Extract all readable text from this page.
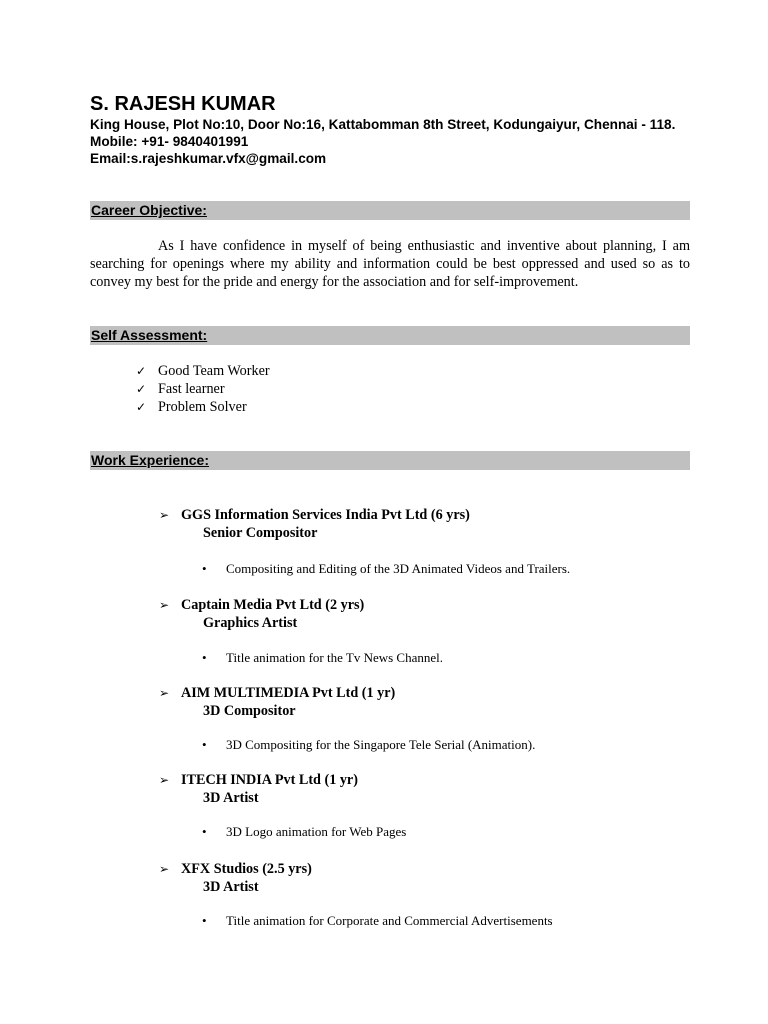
S. RAJESH KUMAR
King House, Plot No:10, Door No:16, Kattabomman 8th Street, Kodungaiyur, Chennai - 118.
Mobile: +91- 9840401991
Email:s.rajeshkumar.vfx@gmail.com
Career Objective:
As I have confidence in myself of being enthusiastic and inventive about planning, I am searching for openings where my ability and information could be best oppressed and used so as to convey my best for the pride and energy for the association and for self-improvement.
Self Assessment:
✓ Good Team Worker
✓ Fast learner
✓ Problem Solver
Work Experience:
➢ GGS Information Services India Pvt Ltd (6 yrs)
Senior Compositor
•	Compositing and Editing of the 3D Animated Videos and Trailers.
➢ Captain Media Pvt Ltd (2 yrs)
Graphics Artist
•	Title animation for the Tv News Channel.
➢ AIM MULTIMEDIA Pvt Ltd (1 yr)
3D Compositor
•	3D Compositing for the Singapore Tele Serial (Animation).
➢ ITECH INDIA Pvt Ltd (1 yr)
3D Artist
•	3D Logo animation for Web Pages
➢ XFX Studios (2.5 yrs)
3D Artist
•	Title animation for Corporate and Commercial Advertisements
